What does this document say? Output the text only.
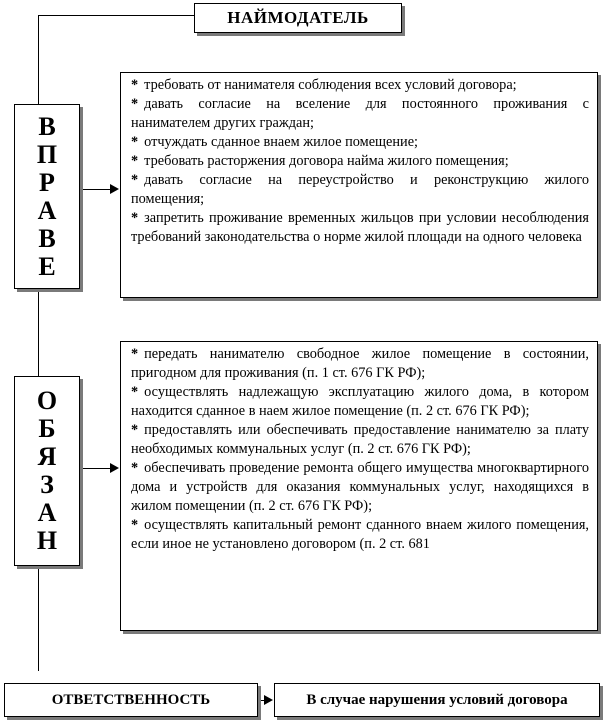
НАЙМОДАТЕЛЬ
В
П
Р
А
В
Е

* требовать от нанимателя соблюдения всех условий договора;

* давать согласие на вселение для постоянного проживания с нанимателем других граждан;

* отчуждать сданное внаем жилое помещение;

* требовать расторжения договора найма жилого помещения;

* давать согласие на переустройство и реконструкцию жилого помещения;

* запретить проживание временных жильцов при условии несоблюдения требований законодательства о норме жилой площади на одного человека

О
Б
Я
З
А
Н

* передать нанимателю свободное жилое помещение в состоянии, пригодном для проживания (п. 1 ст. 676 ГК РФ);

* осуществлять надлежащую эксплуатацию жилого дома, в котором находится сданное в наем жилое помещение (п. 2 ст. 676 ГК РФ);

* предоставлять или обеспечивать предоставление нанимателю за плату необходимых коммунальных услуг (п. 2 ст. 676 ГК РФ);

* обеспечивать проведение ремонта общего имущества многоквартирного дома и устройств для оказания коммунальных услуг, находящихся в жилом помещении (п. 2 ст. 676 ГК РФ);

* осуществлять капитальный ремонт сданного внаем жилого помещения, если иное не установлено договором (п. 2 ст. 681

ОТВЕТСТВЕННОСТЬ	В случае нарушения условий договора
